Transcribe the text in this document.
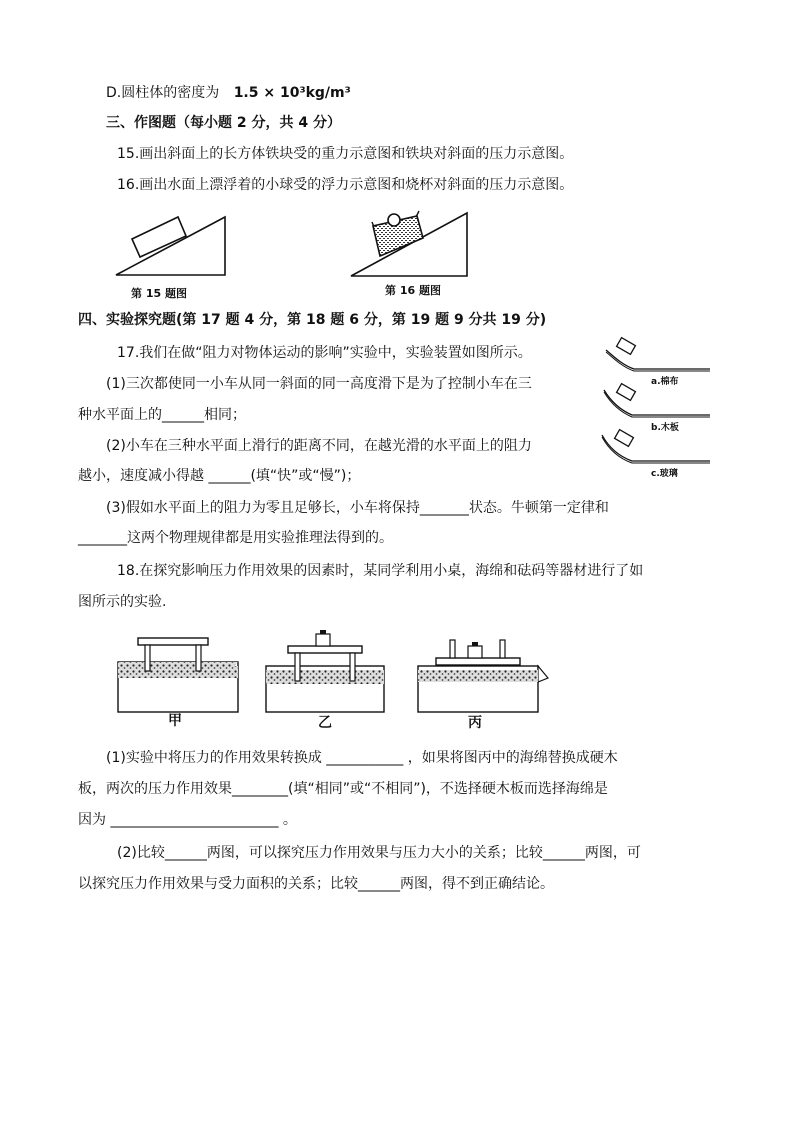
D.圆柱体的密度为 1.5 × 10³kg/m³
三、作图题（每小题 2 分，共 4 分）
15.画出斜面上的长方体铁块受的重力示意图和铁块对斜面的压力示意图。
16.画出水面上漂浮着的小球受的浮力示意图和烧杯对斜面的压力示意图。
第 15 题图	第 16 题图
四、实验探究题(第 17 题 4 分，第 18 题 6 分，第 19 题 9 分共 19 分)
17.我们在做“阻力对物体运动的影响”实验中，实验装置如图所示。
(1)三次都使同一小车从同一斜面的同一高度滑下是为了控制小车在三
种水平面上的______相同；
(2)小车在三种水平面上滑行的距离不同，在越光滑的水平面上的阻力
越小，速度减小得越 ______(填“快”或“慢”)；
(3)假如水平面上的阻力为零且足够长，小车将保持_______状态。牛顿第一定律和
_______这两个物理规律都是用实验推理法得到的。
a.棉布
b.木板
c.玻璃
18.在探究影响压力作用效果的因素时，某同学利用小桌，海绵和砝码等器材进行了如
图所示的实验.
甲	乙	丙
(1)实验中将压力的作用效果转换成 ___________ ，如果将图丙中的海绵替换成硬木
板，两次的压力作用效果________(填“相同”或“不相同”)，不选择硬木板而选择海绵是
因为 ________________________ 。
(2)比较______两图，可以探究压力作用效果与压力大小的关系；比较______两图，可
以探究压力作用效果与受力面积的关系；比较______两图，得不到正确结论。
